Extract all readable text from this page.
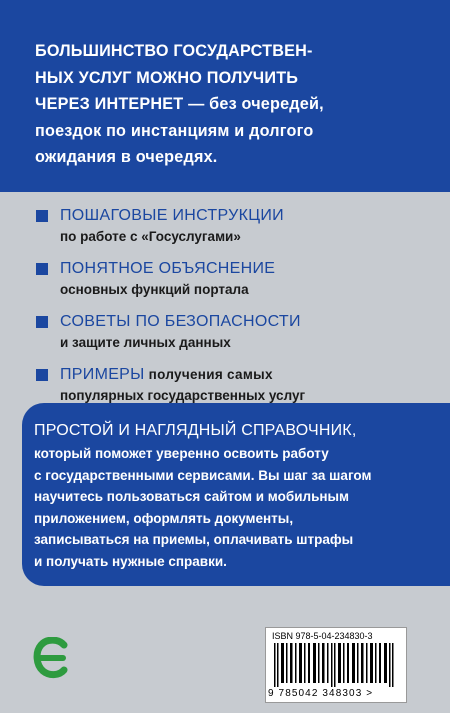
БОЛЬШИНСТВО ГОСУДАРСТВЕН-
НЫХ УСЛУГ МОЖНО ПОЛУЧИТЬ
ЧЕРЕЗ ИНТЕРНЕТ — без очередей,
поездок по инстанциям и долгого
ожидания в очередях.
ПОШАГОВЫЕ ИНСТРУКЦИИ
по работе с «Госуслугами»
ПОНЯТНОЕ ОБЪЯСНЕНИЕ
основных функций портала
СОВЕТЫ ПО БЕЗОПАСНОСТИ
и защите личных данных
ПРИМЕРЫ получения самых
популярных государственных услуг
ПРОСТОЙ И НАГЛЯДНЫЙ СПРАВОЧНИК,
который поможет уверенно освоить работу
с государственными сервисами. Вы шаг за шагом
научитесь пользоваться сайтом и мобильным
приложением, оформлять документы,
записываться на приемы, оплачивать штрафы
и получать нужные справки.
ISBN 978-5-04-234830-3
9 785042 348303 >
